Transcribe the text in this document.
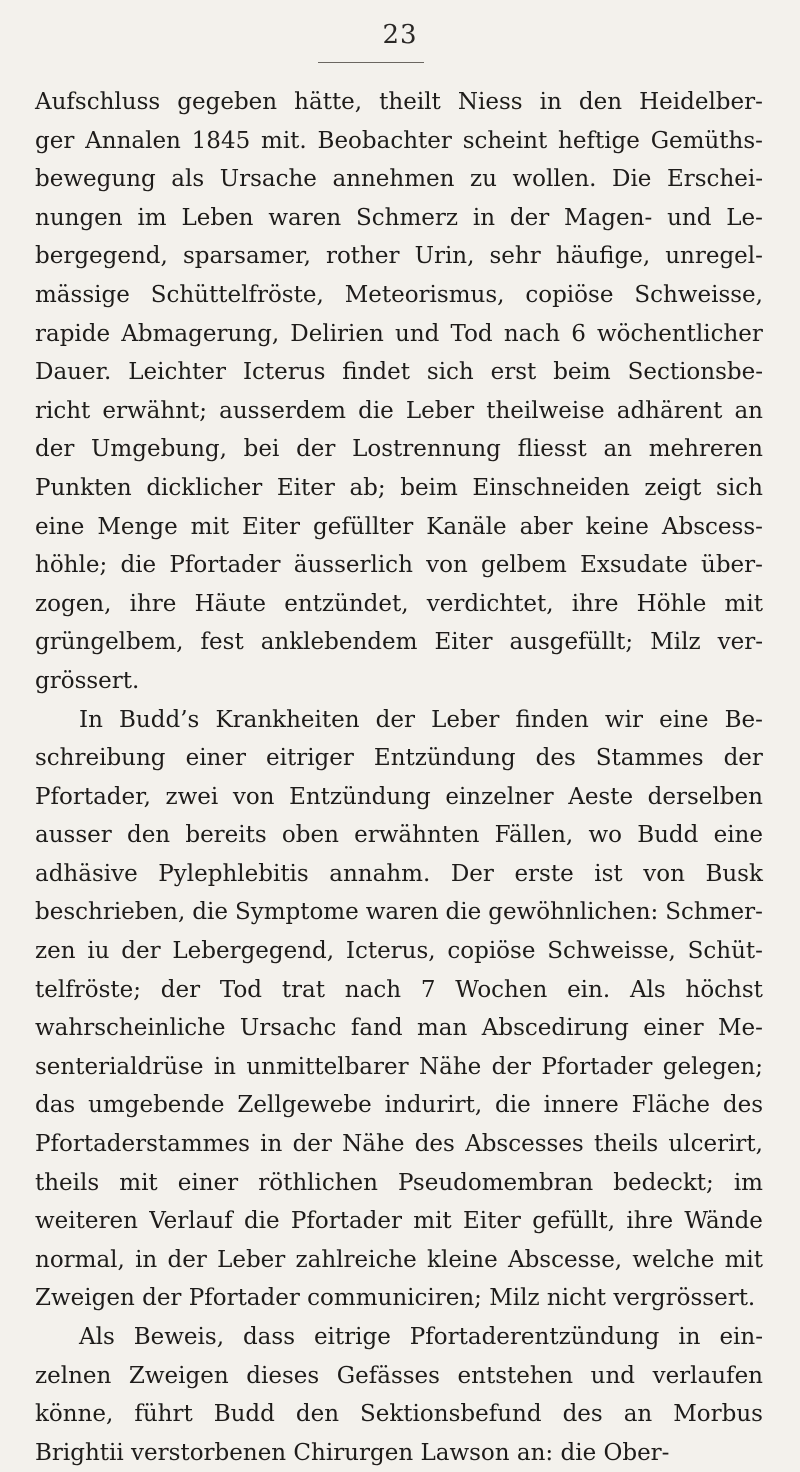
23
Aufschluss gegeben hätte, theilt Niess in den Heidelber-
ger Annalen 1845 mit. Beobachter scheint heftige Gemüths-
bewegung als Ursache annehmen zu wollen. Die Erschei-
nungen im Leben waren Schmerz in der Magen- und Le-
bergegend, sparsamer, rother Urin, sehr häufige, unregel-
mässige Schüttelfröste, Meteorismus, copiöse Schweisse,
rapide Abmagerung, Delirien und Tod nach 6 wöchentlicher
Dauer. Leichter Icterus findet sich erst beim Sectionsbe-
richt erwähnt; ausserdem die Leber theilweise adhärent an
der Umgebung, bei der Lostrennung fliesst an mehreren
Punkten dicklicher Eiter ab; beim Einschneiden zeigt sich
eine Menge mit Eiter gefüllter Kanäle aber keine Abscess-
höhle; die Pfortader äusserlich von gelbem Exsudate über-
zogen, ihre Häute entzündet, verdichtet, ihre Höhle mit
grüngelbem, fest anklebendem Eiter ausgefüllt; Milz ver-
grössert.
In Budd’s Krankheiten der Leber finden wir eine Be-
schreibung einer eitriger Entzündung des Stammes der
Pfortader, zwei von Entzündung einzelner Aeste derselben
ausser den bereits oben erwähnten Fällen, wo Budd eine
adhäsive Pylephlebitis annahm. Der erste ist von Busk
beschrieben, die Symptome waren die gewöhnlichen: Schmer-
zen iu der Lebergegend, Icterus, copiöse Schweisse, Schüt-
telfröste; der Tod trat nach 7 Wochen ein. Als höchst
wahrscheinliche Ursachc fand man Abscedirung einer Me-
senterialdrüse in unmittelbarer Nähe der Pfortader gelegen;
das umgebende Zellgewebe indurirt, die innere Fläche des
Pfortaderstammes in der Nähe des Abscesses theils ulcerirt,
theils mit einer röthlichen Pseudomembran bedeckt; im
weiteren Verlauf die Pfortader mit Eiter gefüllt, ihre Wände
normal, in der Leber zahlreiche kleine Abscesse, welche mit
Zweigen der Pfortader communiciren; Milz nicht vergrössert.
Als Beweis, dass eitrige Pfortaderentzündung in ein-
zelnen Zweigen dieses Gefässes entstehen und verlaufen
könne, führt Budd den Sektionsbefund des an Morbus
Brightii verstorbenen Chirurgen Lawson an: die Ober-
